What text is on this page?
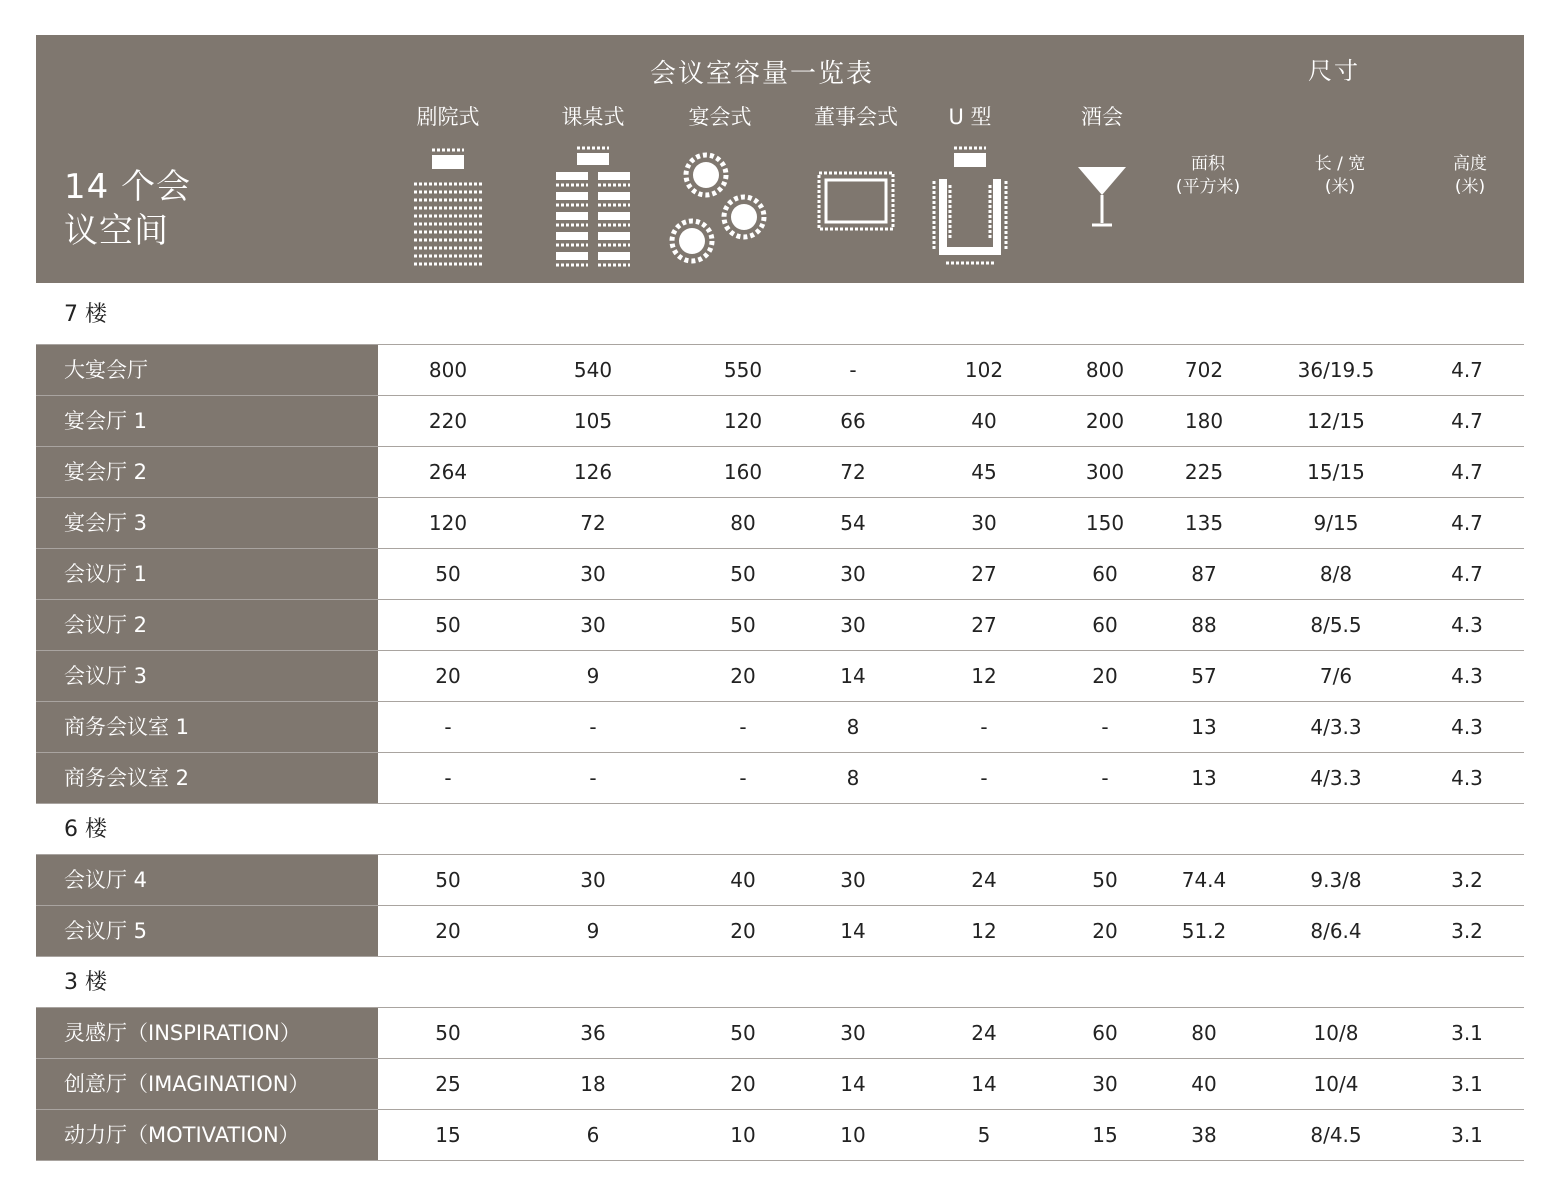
14 个会议空间
会议室容量一览表	尺寸
剧院式	课桌式	宴会式	董事会式 U 型	酒会
面积
(平方米)
长 / 宽
(米)
高度
(米)
7 楼
大宴会厅	800	540	550	-	102	800	702	36/19.5	4.7
宴会厅 1	220	105	120	66	40	200	180	12/15	4.7
宴会厅 2	264	126	160	72	45	300	225	15/15	4.7
宴会厅 3	120	72	80	54	30	150	135	9/15	4.7
会议厅 1	50	30	50	30	27	60	87	8/8	4.7
会议厅 2	50	30	50	30	27	60	88	8/5.5	4.3
会议厅 3	20	9	20	14	12	20	57	7/6	4.3
商务会议室 1	-	-	-	8	-	-	13	4/3.3	4.3
商务会议室 2	-	-	-	8	-	-	13	4/3.3	4.3
6 楼
会议厅 4	50	30	40	30	24	50	74.4	9.3/8	3.2
会议厅 5	20	9	20	14	12	20	51.2	8/6.4	3.2
3 楼
灵感厅（INSPIRATION）	50	36	50	30	24	60	80	10/8	3.1
创意厅（IMAGINATION）	25	18	20	14	14	30	40	10/4	3.1
动力厅（MOTIVATION）	15	6	10	10	5	15	38	8/4.5	3.1
